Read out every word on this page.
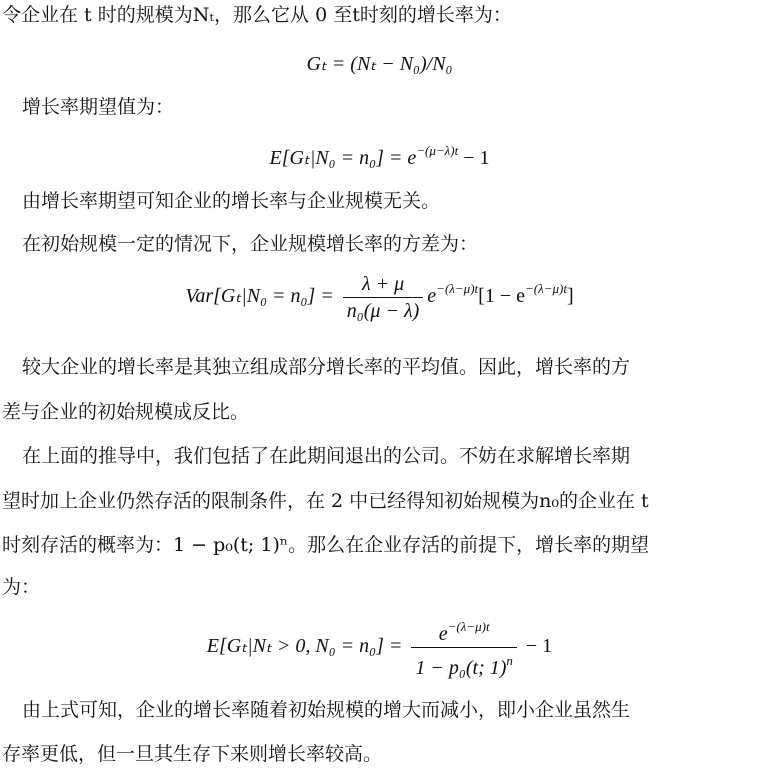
令企业在 t 时的规模为Nₜ，那么它从 0 至t时刻的增长率为：
Gₜ = (Nₜ − N₀)/N₀
增长率期望值为：
$E[G_t|N_0 = n_0] = e^{-(\mu-\lambda)t} - 1$
由增长率期望可知企业的增长率与企业规模无关。
在初始规模一定的情况下，企业规模增长率的方差为：
$Var[G_t|N_0 = n_0] = \frac{\lambda + \mu}{\text{n₀(μ − λ)}} e^{-(\lambda-\mu)t}[1 - e^{-(\lambda-\mu)t}]$
较大企业的增长率是其独立组成部分增长率的平均值。因此，增长率的方
差与企业的初始规模成反比。
在上面的推导中，我们包括了在此期间退出的公司。不妨在求解增长率期
望时加上企业仍然存活的限制条件，在 2 中已经得知初始规模为n₀的企业在 t
时刻存活的概率为：1 − p₀(t; 1)ⁿ。那么在企业存活的前提下，增长率的期望
为：
E[Gₜ|Nₜ > 0, $N_0 = n_0] = \frac{e^{-(\lambda-\mu)t}}{1 - p_0(t; 1)^n} - 1$
由上式可知，企业的增长率随着初始规模的增大而减小，即小企业虽然生
存率更低，但一旦其生存下来则增长率较高。
